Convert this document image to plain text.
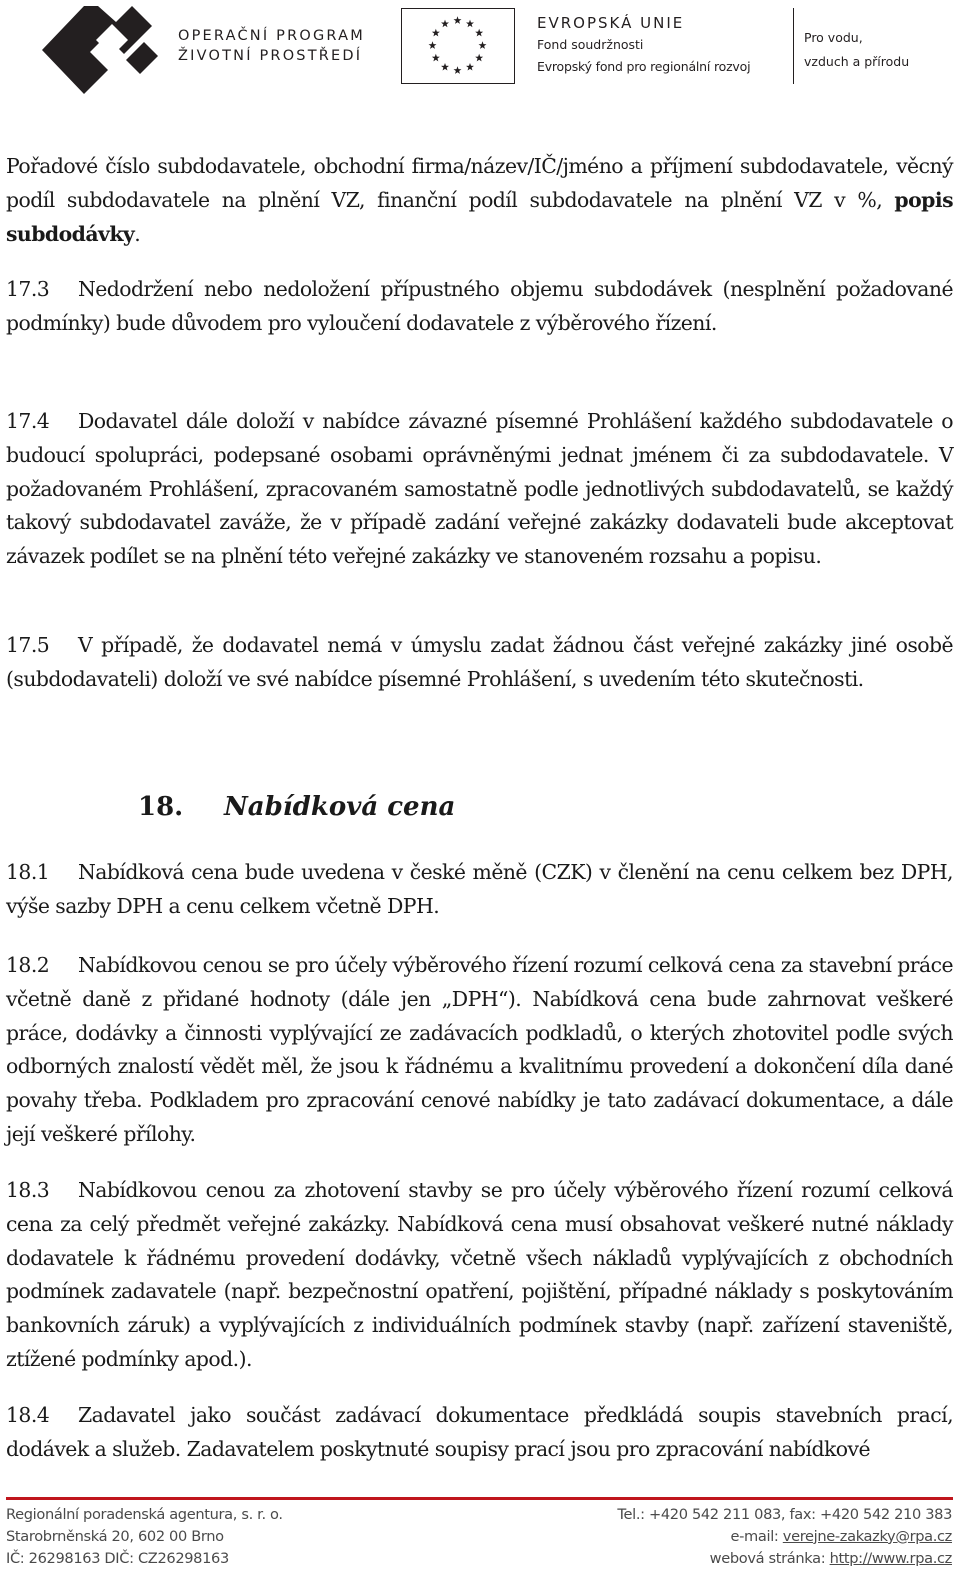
OPERAČNÍ PROGRAM
ŽIVOTNÍ PROSTŘEDÍ
EVROPSKÁ UNIE
Fond soudržnosti
Evropský fond pro regionální rozvoj
Pro vodu,
vzduch a přírodu

Pořadové číslo subdodavatele, obchodní firma/název/IČ/jméno a příjmení subdodavatele, věcný podíl subdodavatele na plnění VZ, finanční podíl subdodavatele na plnění VZ v %, popis subdodávky.

17.3 Nedodržení nebo nedoložení přípustného objemu subdodávek (nesplnění požadované podmínky) bude důvodem pro vyloučení dodavatele z výběrového řízení.

17.4 Dodavatel dále doloží v nabídce závazné písemné Prohlášení každého subdodavatele o budoucí spolupráci, podepsané osobami oprávněnými jednat jménem či za subdodavatele. V požadovaném Prohlášení, zpracovaném samostatně podle jednotlivých subdodavatelů, se každý takový subdodavatel zaváže, že v případě zadání veřejné zakázky dodavateli bude akceptovat závazek podílet se na plnění této veřejné zakázky ve stanoveném rozsahu a popisu.

17.5 V případě, že dodavatel nemá v úmyslu zadat žádnou část veřejné zakázky jiné osobě (subdodavateli) doloží ve své nabídce písemné Prohlášení, s uvedením této skutečnosti.

18. Nabídková cena

18.1 Nabídková cena bude uvedena v české měně (CZK) v členění na cenu celkem bez DPH, výše sazby DPH a cenu celkem včetně DPH.

18.2 Nabídkovou cenou se pro účely výběrového řízení rozumí celková cena za stavební práce včetně daně z přidané hodnoty (dále jen „DPH“). Nabídková cena bude zahrnovat veškeré práce, dodávky a činnosti vyplývající ze zadávacích podkladů, o kterých zhotovitel podle svých odborných znalostí vědět měl, že jsou k řádnému a kvalitnímu provedení a dokončení díla dané povahy třeba. Podkladem pro zpracování cenové nabídky je tato zadávací dokumentace, a dále její veškeré přílohy.

18.3 Nabídkovou cenou za zhotovení stavby se pro účely výběrového řízení rozumí celková cena za celý předmět veřejné zakázky. Nabídková cena musí obsahovat veškeré nutné náklady dodavatele k řádnému provedení dodávky, včetně všech nákladů vyplývajících z obchodních podmínek zadavatele (např. bezpečnostní opatření, pojištění, případné náklady s poskytováním bankovních záruk) a vyplývajících z individuálních podmínek stavby (např. zařízení staveniště, ztížené podmínky apod.).

18.4 Zadavatel jako součást zadávací dokumentace předkládá soupis stavebních prací, dodávek a služeb. Zadavatelem poskytnuté soupisy prací jsou pro zpracování nabídkové

Regionální poradenská agentura, s. r. o.
Starobrněnská 20, 602 00 Brno
IČ: 26298163 DIČ: CZ26298163
Tel.: +420 542 211 083, fax: +420 542 210 383
e-mail: verejne-zakazky@rpa.cz
webová stránka: http://www.rpa.cz
